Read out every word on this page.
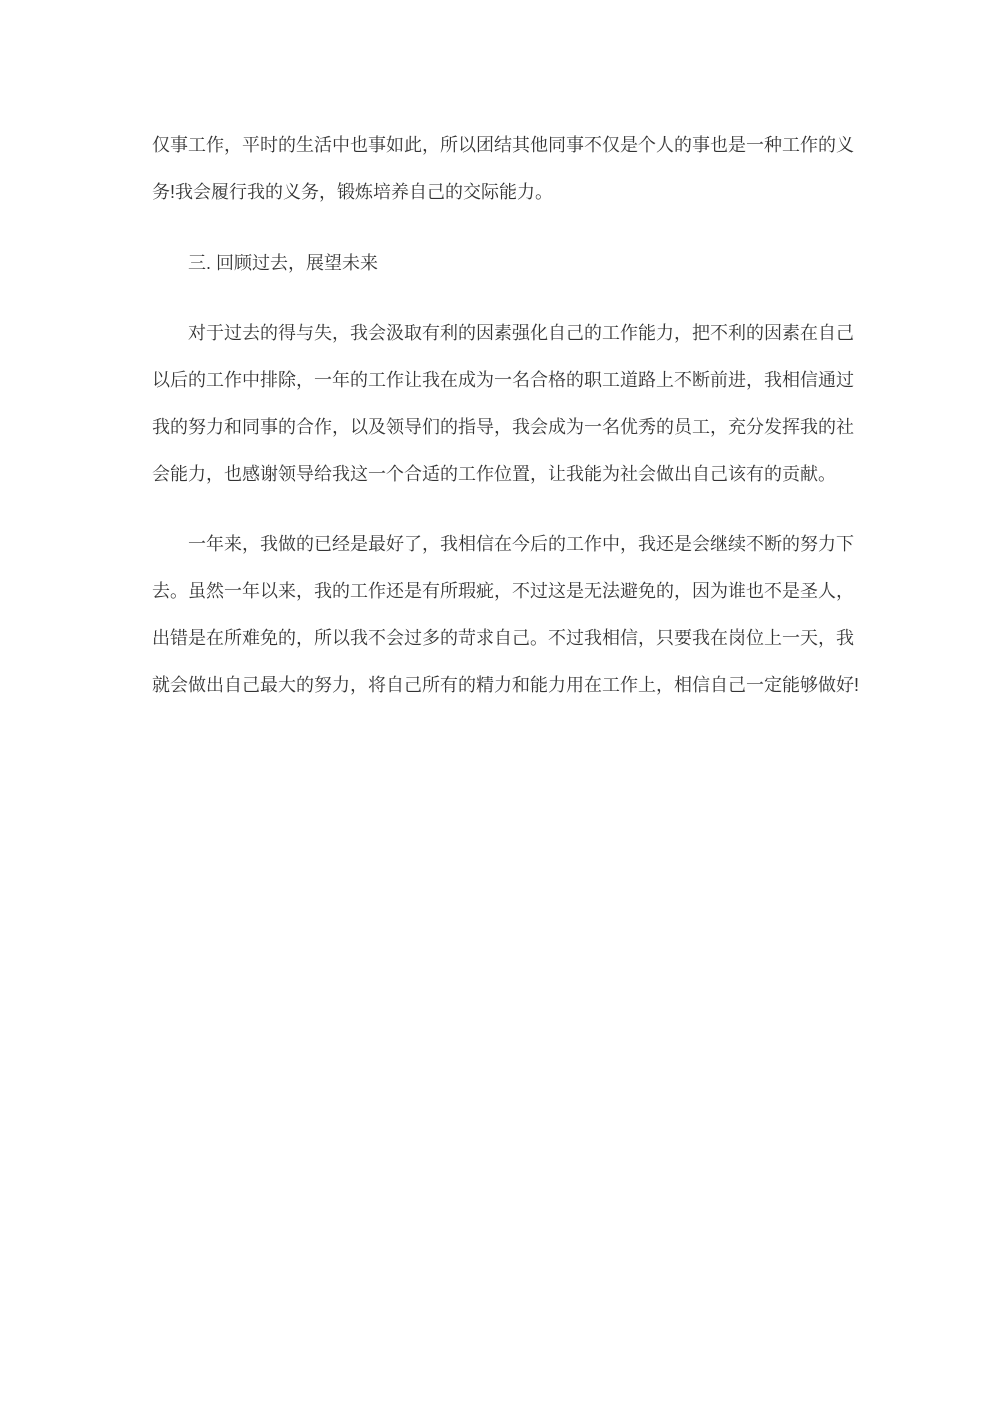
仅事工作，平时的生活中也事如此，所以团结其他同事不仅是个人的事也是一种工作的义
务!我会履行我的义务，锻炼培养自己的交际能力。
三. 回顾过去，展望未来
对于过去的得与失，我会汲取有利的因素强化自己的工作能力，把不利的因素在自己
以后的工作中排除，一年的工作让我在成为一名合格的职工道路上不断前进，我相信通过
我的努力和同事的合作，以及领导们的指导，我会成为一名优秀的员工，充分发挥我的社
会能力，也感谢领导给我这一个合适的工作位置，让我能为社会做出自己该有的贡献。
一年来，我做的已经是最好了，我相信在今后的工作中，我还是会继续不断的努力下
去。虽然一年以来，我的工作还是有所瑕疵，不过这是无法避免的，因为谁也不是圣人，
出错是在所难免的，所以我不会过多的苛求自己。不过我相信，只要我在岗位上一天，我
就会做出自己最大的努力，将自己所有的精力和能力用在工作上，相信自己一定能够做好!
